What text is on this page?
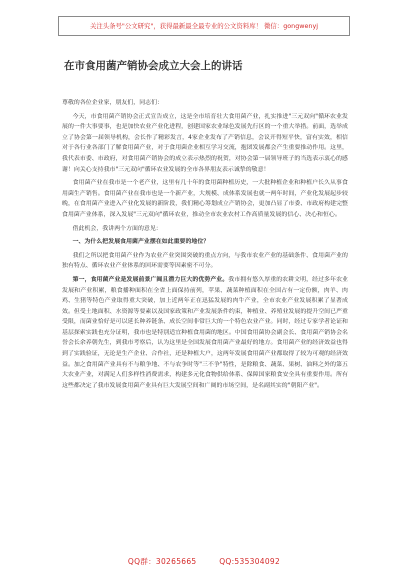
关注头条号"公文研究"，获得最新最全最专业的公文资料库！ 微信：gongwenyj
在市食用菌产销协会成立大会上的讲话

尊敬的各位企业家，朋友们，同志们：

今天，市食用菌产销协会正式宣告成立，这是全市培育壮大食用菌产业，扎实推进"三元双向"循环农业发展的一件大事要事，也是加快农业产业化进程，创建国家农业绿色发展先行区的一个重大举措。前面，选举成立了协会第一届领导机构，会长作了精彩发言，4家企业发布了产销信息，会议开得短平快，富有实效，相信对于各行业各部门了解食用菌产业，对于食用菌企业相互学习交流，抱团发展都会产生重要推动作用。这里，我代表市委、市政府，对食用菌产销协会的成立表示热烈的祝贺，对协会第一届领导班子的当选表示衷心的感谢！向关心支持我市"三元双向"循环农业发展的全市各界朋友表示诚挚的敬意！

食用菌产业在我市是一个老产业，这里有几十年的食用菌种植历史，一大批种植企业和种植户长久从事食用菌生产销售。食用菌产业在我市也是一个新产业，大规模、成体系发展也就一两年时间，产业化发展起步较晚，在食用菌产业进入产业化发展的新阶段，我们精心筹划成立产销协会，更加凸显了市委、市政府构建完整食用菌产业体系，深入发展"三元双向"循环农业，推动全市农业农村工作高质量发展的信心、决心和恒心。

借此机会，我讲两个方面的意见：

一、为什么把发展食用菌产业摆在如此重要的地位？

我们之所以把食用菌产业作为农业产业突围突破的重点方向，与我市农业产业的基础条件、食用菌产业的独有特点、循环农业产业体系的回环需要等因素密不可分。

第一，食用菌产业是发展前景广阔且潜力巨大的优势产业。我市拥有悠久厚重的农耕文明，经过多年农业发展和产业积累，粮食播种面积在全省上面保持前列，苹果、蔬菜种植面积在全国占有一定份额，肉羊、肉鸡、生猪等特色产业取得重大突破，加上近两年正在迅猛发展的肉牛产业，全市农业产业发展积累了显著成效。但受土地面积、水资源等要素以及国家政策和产业发展条件约束，种植业、养殖业发展的提升空间已严重受限，而菌业恰好是可以延长种养链条、成长空间非常巨大的一个特色农业产业。同时，经过专家学者论证和基层探索实践也充分证明，我市也是特别适宜种植食用菌的地区。中国食用菌协会副会长、食用菌产销协会名誉会长余养朝先生，到我市考察后，认为这里是全国发展食用菌产业最好的地方。食用菌产业的经济效益也得到了实践验证，无论是生产企业、合作社，还是种植大户，这两年发展食用菌产业都取得了较为可观的经济效益。加之食用菌产业具有不与粮争地、不与农争时等"三不争"特性，是除粮食、蔬菜、果树、油料之外的第五大农业产业，对满足人们多样性消费需求，构建多元化食物供给体系、保障国家粮食安全具有重要作用。所有这些都决定了我市发展食用菌产业具有巨大发展空间和广阔的市场空间，是名副其实的"朝阳产业"。

QQ群：30265665	QQ:535304092
